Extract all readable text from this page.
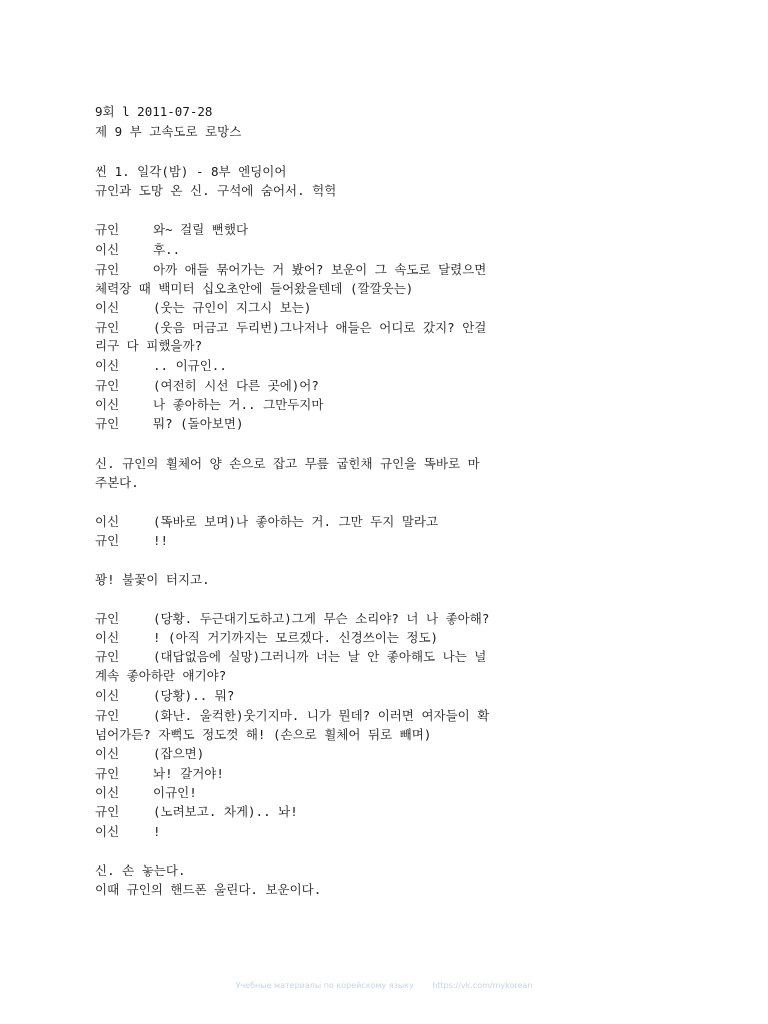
9회 l 2011-07-28
제 9 부 고속도로 로망스
씬 1. 일각(밤) - 8부 엔딩이어
규인과 도망 온 신. 구석에 숨어서. 헉헉
규인	와~ 걸릴 뻔했다
이신	후..
규인	아까 애들 묶어가는 거 봤어? 보운이 그 속도로 달렸으면
체력장 때 백미터 십오초안에 들어왔을텐데 (깔깔웃는)
이신	(웃는 규인이 지그시 보는)
규인	(웃음 머금고 두리번)그나저나 애들은 어디로 갔지? 안걸
리구 다 피했을까?
이신	.. 이규인..
규인	(여전히 시선 다른 곳에)어?
이신	나 좋아하는 거.. 그만두지마
규인	뭐? (돌아보면)
신. 규인의 휠체어 양 손으로 잡고 무릎 굽힌채 규인을 똑바로 마
주본다.
이신	(똑바로 보며)나 좋아하는 거. 그만 두지 말라고
규인	!!
꽝! 불꽃이 터지고.
규인	(당황. 두근대기도하고)그게 무슨 소리야? 너 나 좋아해?
이신	! (아직 거기까지는 모르겠다. 신경쓰이는 정도)
규인	(대답없음에 실망)그러니까 너는 날 안 좋아해도 나는 널
계속 좋아하란 얘기야?
이신	(당황).. 뭐?
규인	(화난. 울컥한)웃기지마. 니가 뭔데? 이러면 여자들이 확
넘어가든? 자뻑도 정도껏 해! (손으로 휠체어 뒤로 빼며)
이신	(잡으면)
규인	놔! 갈거야!
이신	이규인!
규인	(노려보고. 차게).. 놔!
이신	!
신. 손 놓는다.
이때 규인의 핸드폰 울린다. 보운이다.
Учебные материалы по корейскому языку https://vk.com/mykorean
